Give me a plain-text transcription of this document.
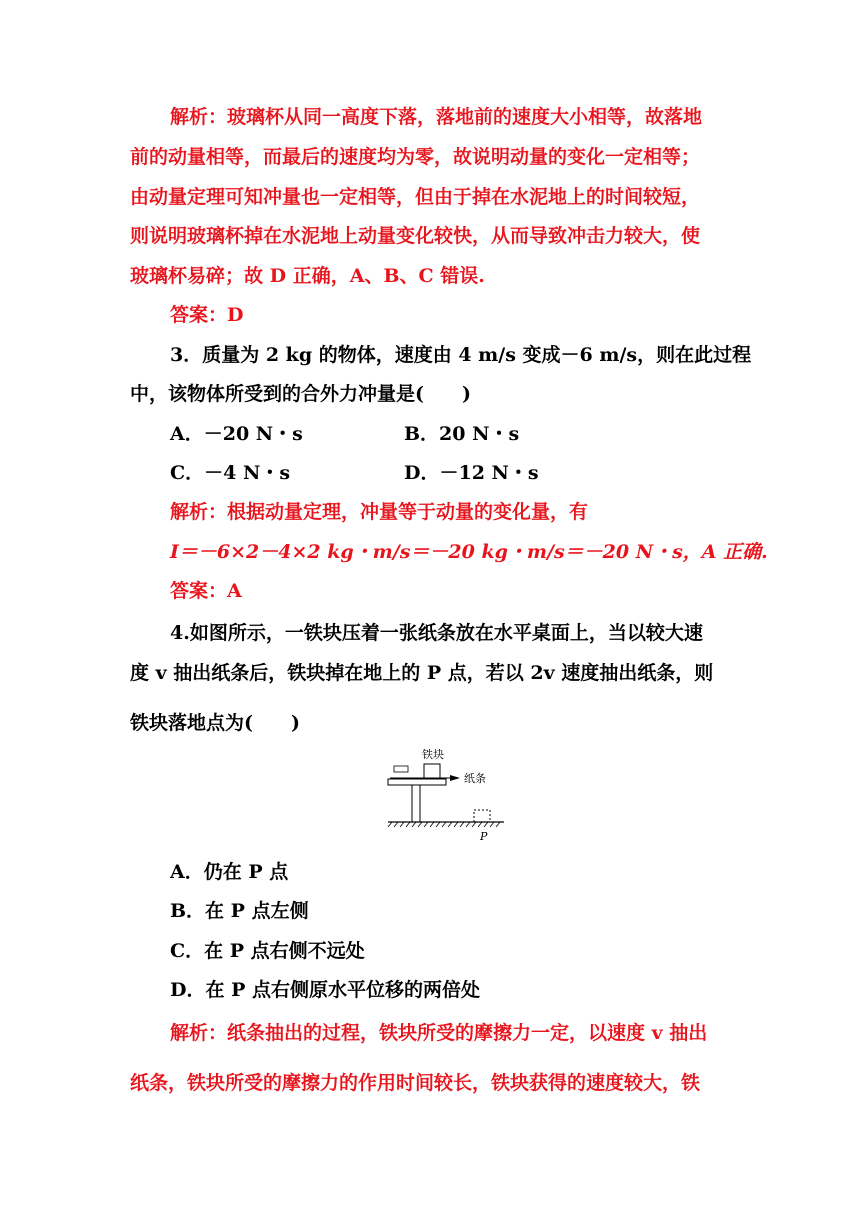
解析：玻璃杯从同一高度下落，落地前的速度大小相等，故落地
前的动量相等，而最后的速度均为零，故说明动量的变化一定相等；
由动量定理可知冲量也一定相等，但由于掉在水泥地上的时间较短，
则说明玻璃杯掉在水泥地上动量变化较快，从而导致冲击力较大，使
玻璃杯易碎；故 D 正确，A、B、C 错误.
答案：D
3．质量为 2 kg 的物体，速度由 4 m/s 变成－6 m/s，则在此过程
中，该物体所受到的合外力冲量是(　　)
A．－20 N・s	B．20 N・s
C．－4 N・s	D．－12 N・s
解析：根据动量定理，冲量等于动量的变化量，有
I＝－6×2－4×2 kg・m/s＝－20 kg・m/s＝－20 N・s，A 正确.
答案：A
4.如图所示，一铁块压着一张纸条放在水平桌面上，当以较大速
度 v 抽出纸条后，铁块掉在地上的 P 点，若以 2v 速度抽出纸条，则
铁块落地点为(　　)
铁块
纸条
P
A．仍在 P 点
B．在 P 点左侧
C．在 P 点右侧不远处
D．在 P 点右侧原水平位移的两倍处
解析：纸条抽出的过程，铁块所受的摩擦力一定，以速度 v 抽出
纸条，铁块所受的摩擦力的作用时间较长，铁块获得的速度较大，铁
